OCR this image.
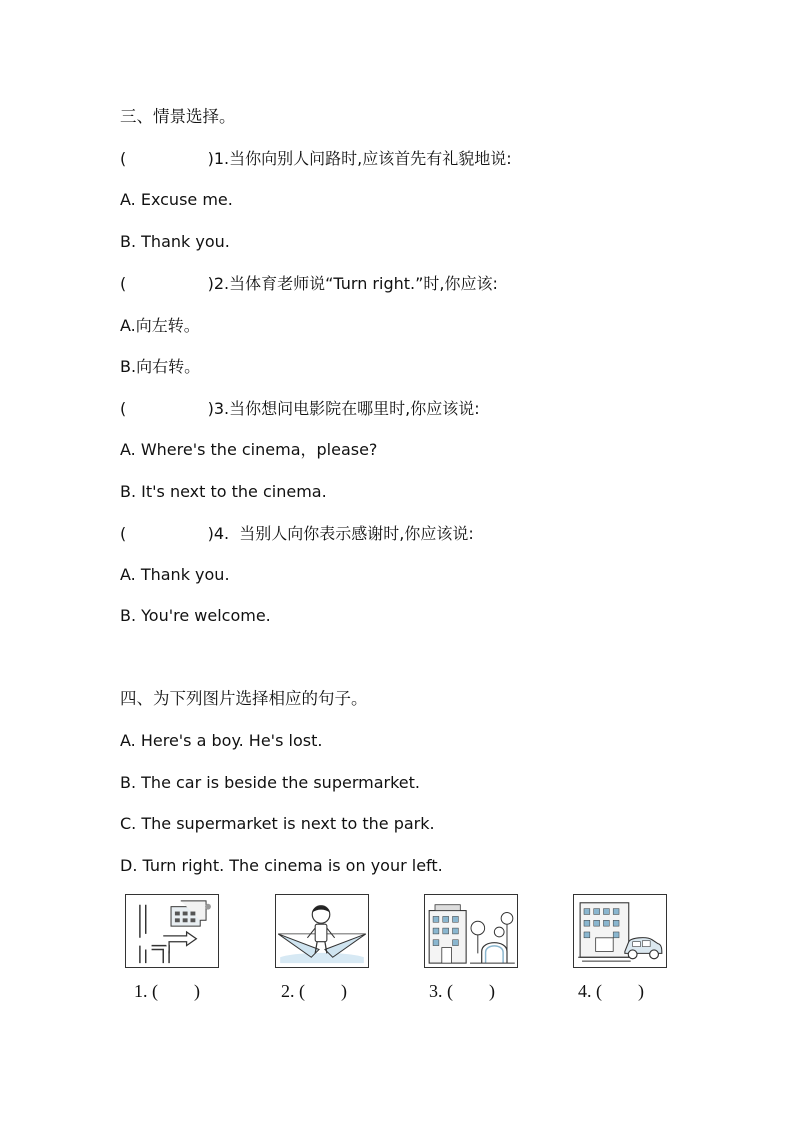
三、情景选择。
(                )1.当你向别人问路时,应该首先有礼貌地说:
A. Excuse me.
B. Thank you.
(                )2.当体育老师说“Turn right.”时,你应该:
A.向左转。
B.向右转。
(                )3.当你想问电影院在哪里时,你应该说:
A. Where's the cinema，please?
B. It's next to the cinema.
(                )4.  当别人向你表示感谢时,你应该说:
A. Thank you.
B. You're welcome.
四、为下列图片选择相应的句子。
A. Here's a boy. He's lost.
B. The car is beside the supermarket.
C. The supermarket is next to the park.
D. Turn right. The cinema is on your left.
1. (        )	2. (        )	3. (        )	4. (        )
